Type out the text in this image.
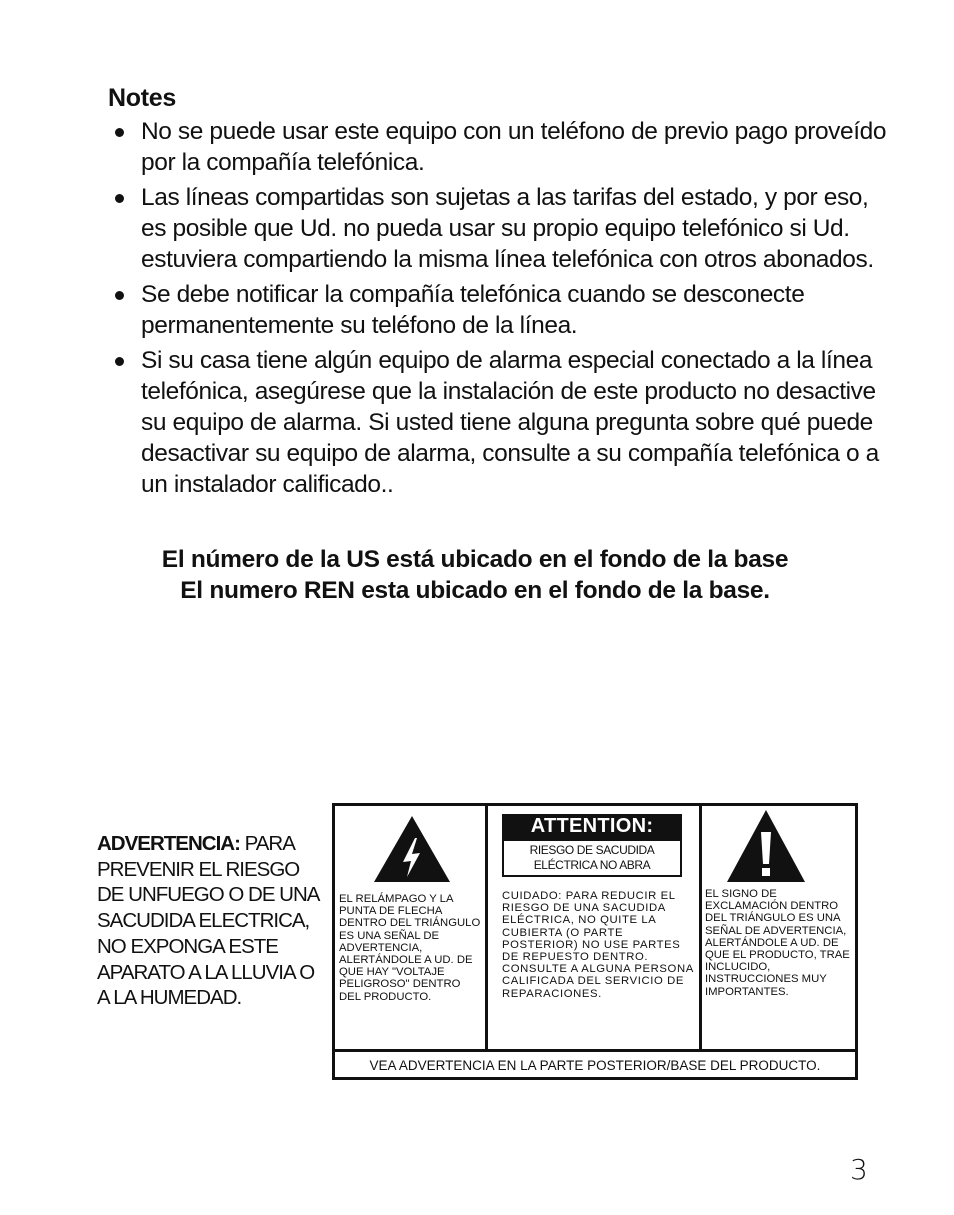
Notes
No se puede usar este equipo con un teléfono de previo pago proveído por la compañía telefónica.
Las líneas compartidas son sujetas a las tarifas del estado, y por eso, es posible que Ud. no pueda usar su propio equipo telefónico si Ud. estuviera compartiendo la misma línea telefónica con otros abonados.
Se debe notificar la compañía telefónica cuando se desconecte permanentemente su teléfono de la línea.
Si su casa tiene algún equipo de alarma especial conectado a la línea telefónica, asegúrese que la instalación de este producto no desactive su equipo de alarma. Si usted tiene alguna pregunta sobre qué puede desactivar su equipo de alarma, consulte a su compañía telefónica o a un instalador calificado..
El número de la US está ubicado en el fondo de la base
El numero REN esta ubicado en el fondo de la base.
ADVERTENCIA: PARA PREVENIR EL RIESGO DE UNFUEGO O DE UNA SACUDIDA ELECTRICA, NO EXPONGA ESTE APARATO A LA LLUVIA O A LA HUMEDAD.
EL RELÁMPAGO Y LA PUNTA DE FLECHA DENTRO DEL TRIÁNGULO ES UNA SEÑAL DE ADVERTENCIA, ALERTÁNDOLE A UD. DE QUE HAY "VOLTAJE PELIGROSO" DENTRO DEL PRODUCTO.
ATTENTION:
RIESGO DE SACUDIDA ELÉCTRICA NO ABRA
CUIDADO: PARA REDUCIR EL RIESGO DE UNA SACUDIDA ELÉCTRICA, NO QUITE LA CUBIERTA (O PARTE POSTERIOR) NO USE PARTES DE REPUESTO DENTRO. CONSULTE A ALGUNA PERSONA CALIFICADA DEL SERVICIO DE REPARACIONES.
EL SIGNO DE EXCLAMACIÓN DENTRO DEL TRIÁNGULO ES UNA SEÑAL DE ADVERTENCIA, ALERTÁNDOLE A UD. DE QUE EL PRODUCTO, TRAE INCLUCIDO, INSTRUCCIONES MUY IMPORTANTES.
VEA ADVERTENCIA EN LA PARTE POSTERIOR/BASE DEL PRODUCTO.
3
